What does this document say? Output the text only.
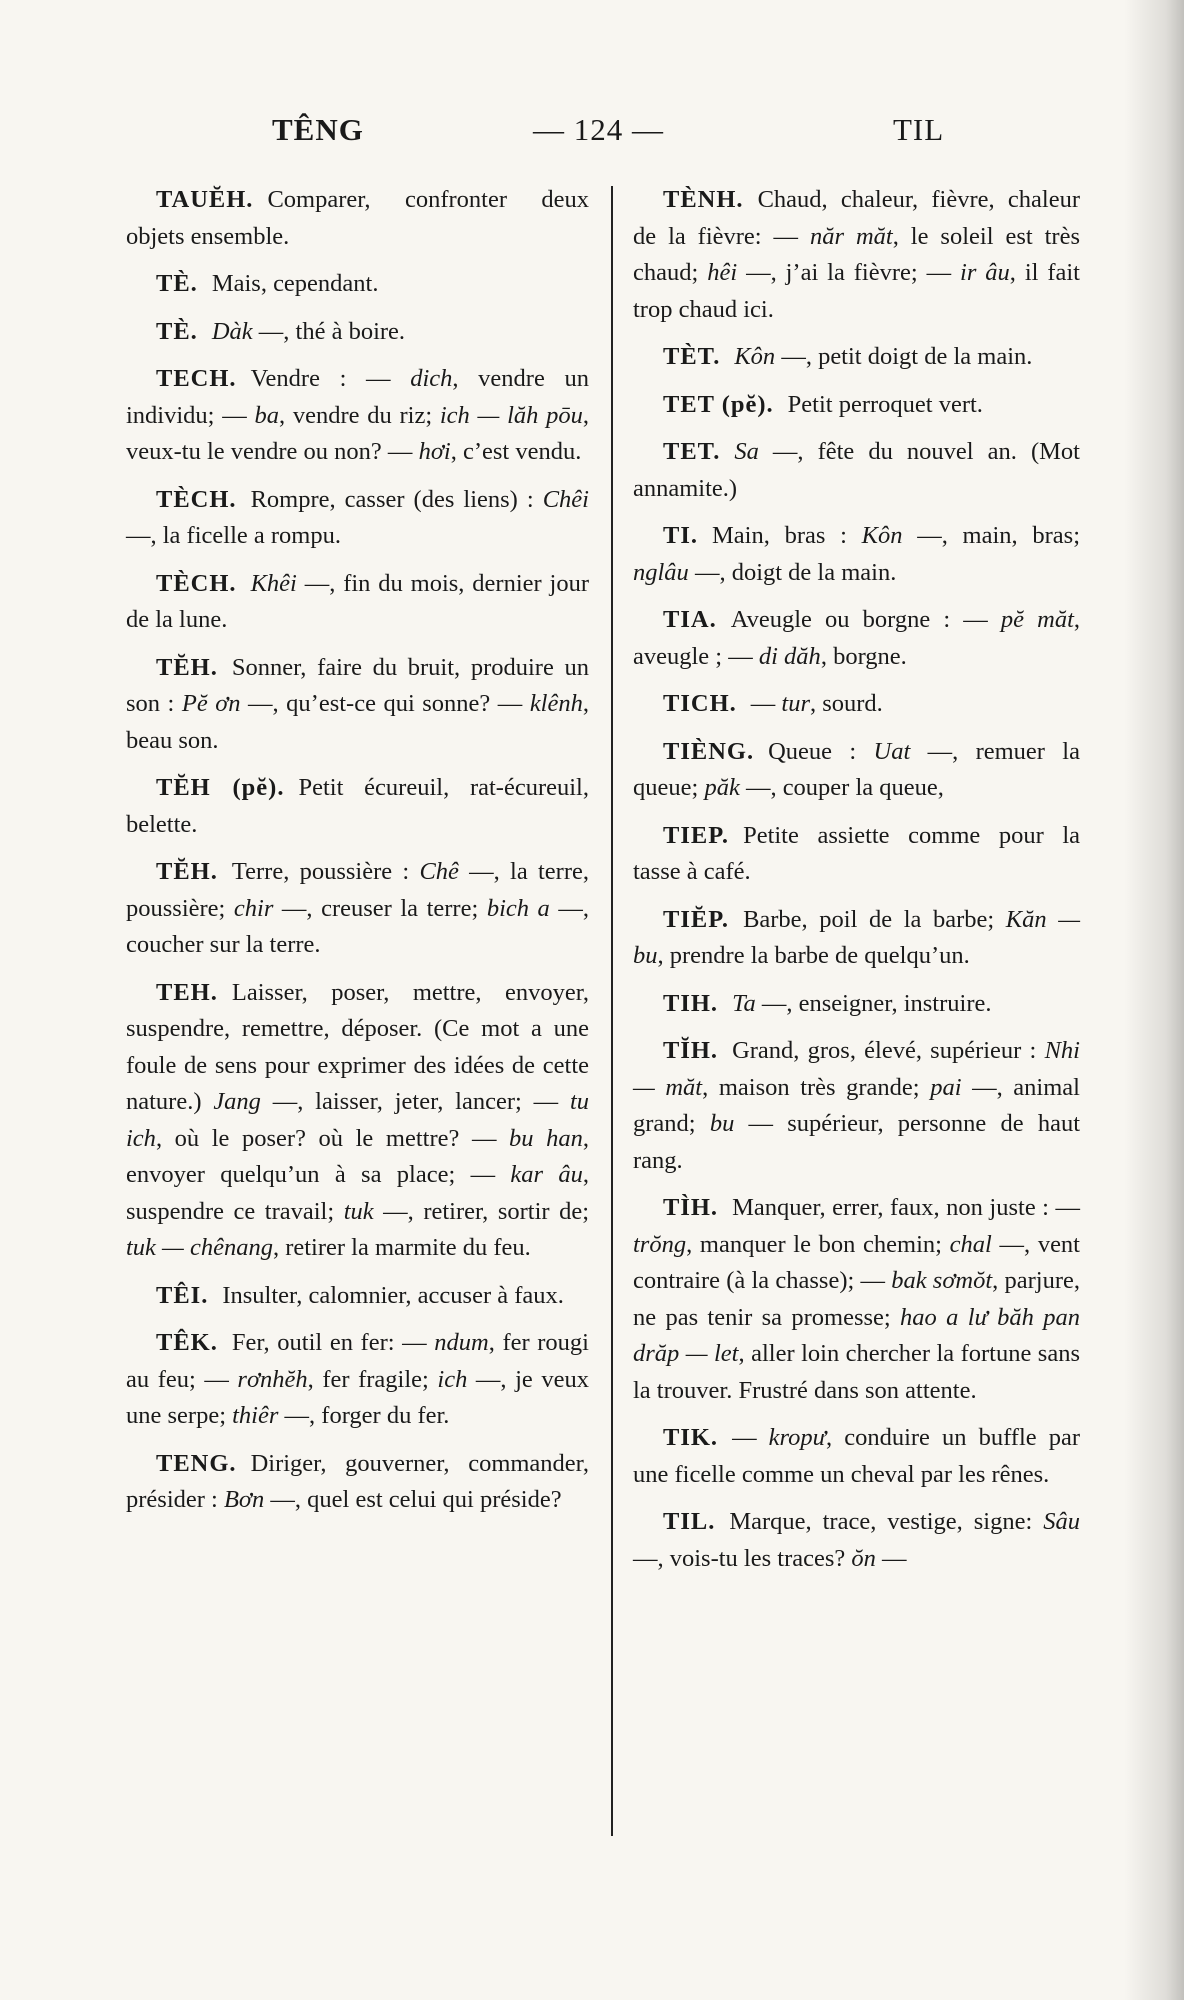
TÊNG	— 124 —	TIL
TAUĔH. Comparer, confronter deux objets ensemble.
TÈ. Mais, cependant.
TÈ. Dàk —, thé à boire.
TECH. Vendre : — dich, vendre un individu; — ba, vendre du riz; ich — lăh pōu, veux-tu le vendre ou non? — hơi, c’est vendu.
TÈCH. Rompre, casser (des liens) : Chêi —, la ficelle a rompu.
TÈCH. Khêi —, fin du mois, dernier jour de la lune.
TĔH. Sonner, faire du bruit, produire un son : Pĕ ơn —, qu’est-ce qui sonne? — klênh, beau son.
TĔH (pĕ). Petit écureuil, rat-écureuil, belette.
TĔH. Terre, poussière : Chê —, la terre, poussière; chir —, creuser la terre; bich a —, coucher sur la terre.
TEH. Laisser, poser, mettre, envoyer, suspendre, remettre, déposer. (Ce mot a une foule de sens pour exprimer des idées de cette nature.) Jang —, laisser, jeter, lancer; — tu ich, où le poser? où le mettre? — bu han, envoyer quelqu’un à sa place; — kar âu, suspendre ce travail; tuk —, retirer, sortir de; tuk — chênang, retirer la marmite du feu.
TÊI. Insulter, calomnier, accuser à faux.
TÊK. Fer, outil en fer: — ndum, fer rougi au feu; — rơnhĕh, fer fragile; ich —, je veux une serpe; thiêr —, forger du fer.
TENG. Diriger, gouverner, commander, présider : Bơn —, quel est celui qui préside?
TÈNH. Chaud, chaleur, fièvre, chaleur de la fièvre: — năr măt, le soleil est très chaud; hêi —, j’ai la fièvre; — ir âu, il fait trop chaud ici.
TÈT. Kôn —, petit doigt de la main.
TET (pĕ). Petit perroquet vert.
TET. Sa —, fête du nouvel an. (Mot annamite.)
TI. Main, bras : Kôn —, main, bras; nglâu —, doigt de la main.
TIA. Aveugle ou borgne : — pĕ măt, aveugle ; — di dăh, borgne.
TICH. — tur, sourd.
TIÈNG. Queue : Uat —, remuer la queue; păk —, couper la queue,
TIEP. Petite assiette comme pour la tasse à café.
TIĔP. Barbe, poil de la barbe; Kăn — bu, prendre la barbe de quelqu’un.
TIH. Ta —, enseigner, instruire.
TĬH. Grand, gros, élevé, supérieur : Nhi — măt, maison très grande; pai —, animal grand; bu — supérieur, personne de haut rang.
TÌH. Manquer, errer, faux, non juste : — trŏng, manquer le bon chemin; chal —, vent contraire (à la chasse); — bak sơmŏt, parjure, ne pas tenir sa promesse; hao a lư băh pan drăp — let, aller loin chercher la fortune sans la trouver. Frustré dans son attente.
TIK. — kropư, conduire un buffle par une ficelle comme un cheval par les rênes.
TIL. Marque, trace, vestige, signe: Sâu —, vois-tu les traces? ŏn —
